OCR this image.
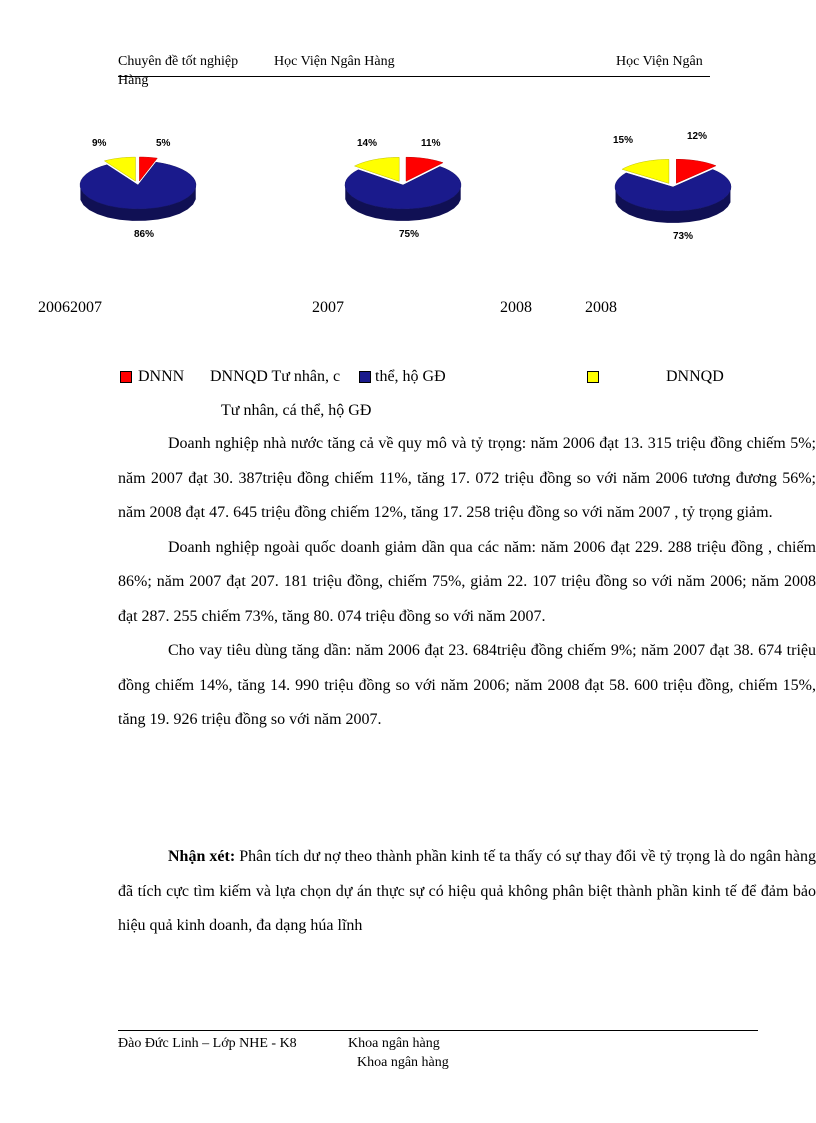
Chuyên đề tốt nghiệp	Học Viện Ngân Hàng	Học Viện Ngân
Hàng
5%
86%
9%	11%
75%
14%
12%
73%
15%
20062007	2007	2008	2008
DNNN DNNQD Tư nhân, c thể, hộ GĐ	DNNQD
Tư nhân, cá thể, hộ GĐ

Doanh nghiệp nhà nước tăng cả về quy mô và tỷ trọng: năm 2006 đạt 13. 315 triệu đồng chiếm 5%; năm 2007 đạt 30. 387triệu đồng chiếm 11%, tăng 17. 072 triệu đồng so với năm 2006 tương đương 56%; năm 2008 đạt 47. 645 triệu đồng chiếm 12%, tăng 17. 258 triệu đồng so với năm 2007 , tỷ trọng giảm.

Doanh nghiệp ngoài quốc doanh giảm dần qua các năm: năm 2006 đạt 229. 288 triệu đồng , chiếm 86%; năm 2007 đạt 207. 181 triệu đồng, chiếm 75%, giảm 22. 107 triệu đồng so với năm 2006; năm 2008 đạt 287. 255 chiếm 73%, tăng 80. 074 triệu đồng so với năm 2007.

Cho vay tiêu dùng tăng dần: năm 2006 đạt 23. 684triệu đồng chiếm 9%; năm 2007 đạt 38. 674 triệu đồng chiếm 14%, tăng 14. 990 triệu đồng so với năm 2006; năm 2008 đạt 58. 600 triệu đồng, chiếm 15%, tăng 19. 926 triệu đồng so với năm 2007.

Nhận xét: Phân tích dư nợ theo thành phần kinh tế ta thấy có sự thay đổi về tỷ trọng là do ngân hàng đã tích cực tìm kiếm và lựa chọn dự án thực sự có hiệu quả không phân biệt thành phần kinh tế để đảm bảo hiệu quả kinh doanh, đa dạng húa lĩnh

Đào Đức Linh – Lớp NHE - K8	Khoa ngân hàng
Khoa ngân hàng
